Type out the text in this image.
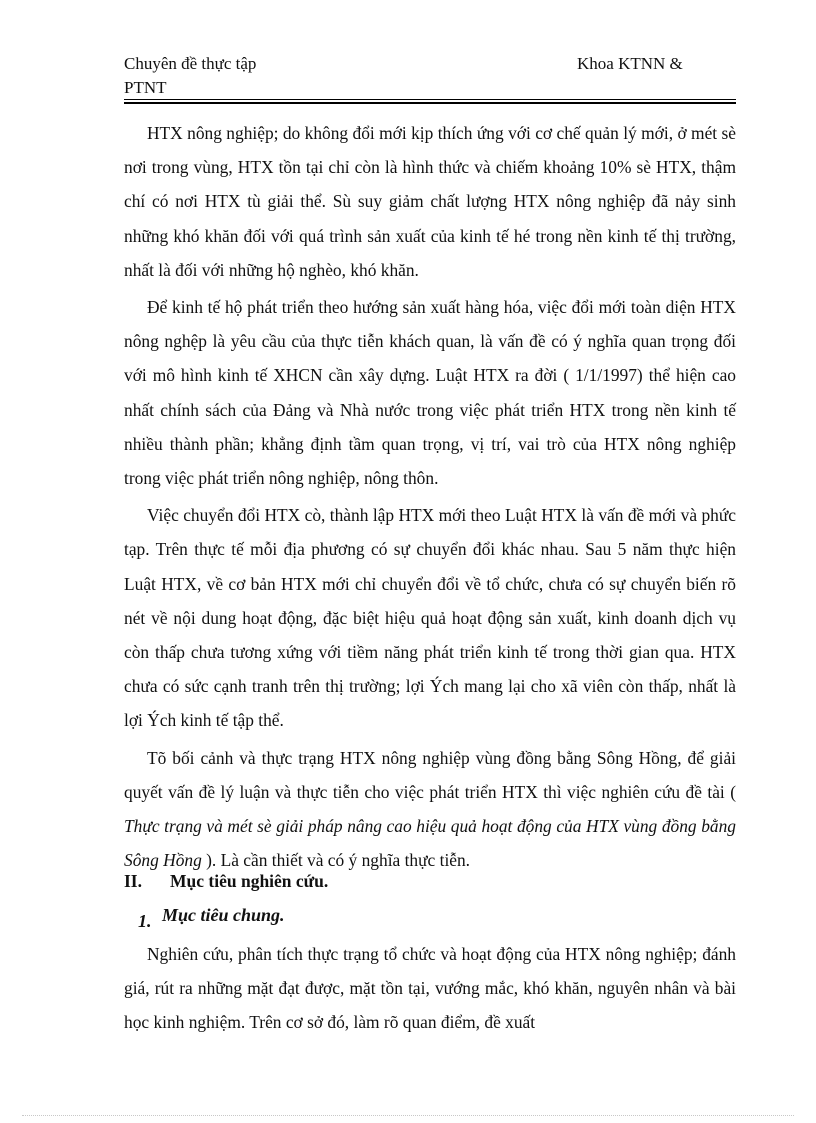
Chuyên đề thực tập	Khoa KTNN &
PTNT

HTX nông nghiệp; do không đổi mới kịp thích ứng với cơ chế quản lý mới, ở mét sè nơi trong vùng, HTX tồn tại chỉ còn là hình thức và chiếm khoảng 10% sè HTX, thậm chí có nơi HTX tù giải thể. Sù suy giảm chất lượng HTX nông nghiệp đã nảy sinh những khó khăn đối với quá trình sản xuất của kinh tế hé trong nền kinh tế thị trường, nhất là đối với những hộ nghèo, khó khăn.

Để kinh tế hộ phát triển theo hướng sản xuất hàng hóa, việc đổi mới toàn diện HTX nông nghệp là yêu cầu của thực tiễn khách quan, là vấn đề có ý nghĩa quan trọng đối với mô hình kinh tế XHCN cần xây dựng. Luật HTX ra đời ( 1/1/1997) thể hiện cao nhất chính sách của Đảng và Nhà nước trong việc phát triển HTX trong nền kinh tế nhiều thành phần; khẳng định tầm quan trọng, vị trí, vai trò của HTX nông nghiệp trong việc phát triển nông nghiệp, nông thôn.

Việc chuyển đổi HTX cò, thành lập HTX mới theo Luật HTX là vấn đề mới và phức tạp. Trên thực tế mỗi địa phương có sự chuyển đổi khác nhau. Sau 5 năm thực hiện Luật HTX, về cơ bản HTX mới chỉ chuyển đổi về tổ chức, chưa có sự chuyển biến rõ nét về nội dung hoạt động, đặc biệt hiệu quả hoạt động sản xuất, kinh doanh dịch vụ còn thấp chưa tương xứng với tiềm năng phát triển kinh tế trong thời gian qua. HTX chưa có sức cạnh tranh trên thị trường; lợi Ých mang lại cho xã viên còn thấp, nhất là lợi Ých kinh tế tập thể.

Tõ bối cảnh và thực trạng HTX nông nghiệp vùng đồng bằng Sông Hồng, để giải quyết vấn đề lý luận và thực tiễn cho việc phát triển HTX thì việc nghiên cứu đề tài ( Thực trạng và mét sè giải pháp nâng cao hiệu quả hoạt động của HTX vùng đồng bằng Sông Hồng ). Là cần thiết và có ý nghĩa thực tiễn.

II. Mục tiêu nghiên cứu.
1. Mục tiêu chung.

Nghiên cứu, phân tích thực trạng tổ chức và hoạt động của HTX nông nghiệp; đánh giá, rút ra những mặt đạt được, mặt tồn tại, vướng mắc, khó khăn, nguyên nhân và bài học kinh nghiệm. Trên cơ sở đó, làm rõ quan điểm, đề xuất
